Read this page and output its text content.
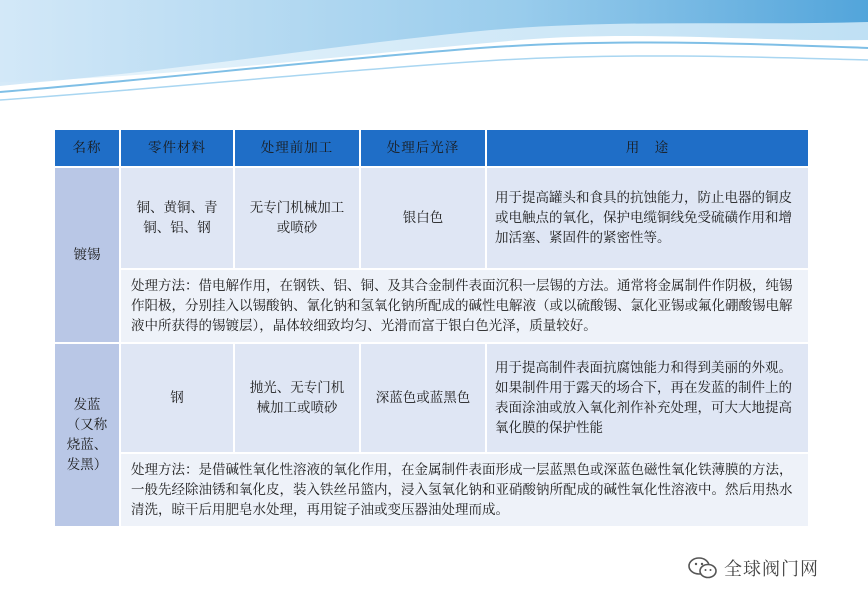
名称	零件材料	处理前加工	处理后光泽	用　途
镀锡	铜、黄铜、青铜、铝、钢	无专门机械加工或喷砂	银白色	用于提高罐头和食具的抗蚀能力，防止电器的铜皮或电触点的氧化，保护电缆铜线免受硫磺作用和增加活塞、紧固件的紧密性等。
	处理方法：借电解作用，在钢铁、铝、铜、及其合金制件表面沉积一层锡的方法。通常将金属制件作阴极，纯锡作阳极，分别挂入以锡酸钠、氰化钠和氢氧化钠所配成的碱性电解液（或以硫酸锡、氯化亚锡或氟化硼酸锡电解液中所获得的锡镀层），晶体较细致均匀、光滑而富于银白色光泽，质量较好。			
发蓝（又称烧蓝、发黑）	钢	抛光、无专门机械加工或喷砂	深蓝色或蓝黑色	用于提高制件表面抗腐蚀能力和得到美丽的外观。如果制件用于露天的场合下，再在发蓝的制件上的表面涂油或放入氧化剂作补充处理，可大大地提高氧化膜的保护性能
	处理方法：是借碱性氧化性溶液的氧化作用，在金属制件表面形成一层蓝黑色或深蓝色磁性氧化铁薄膜的方法，一般先经除油锈和氧化皮，装入铁丝吊篮内，浸入氢氧化钠和亚硝酸钠所配成的碱性氧化性溶液中。然后用热水清洗，晾干后用肥皂水处理，再用锭子油或变压器油处理而成。			
全球阀门网
